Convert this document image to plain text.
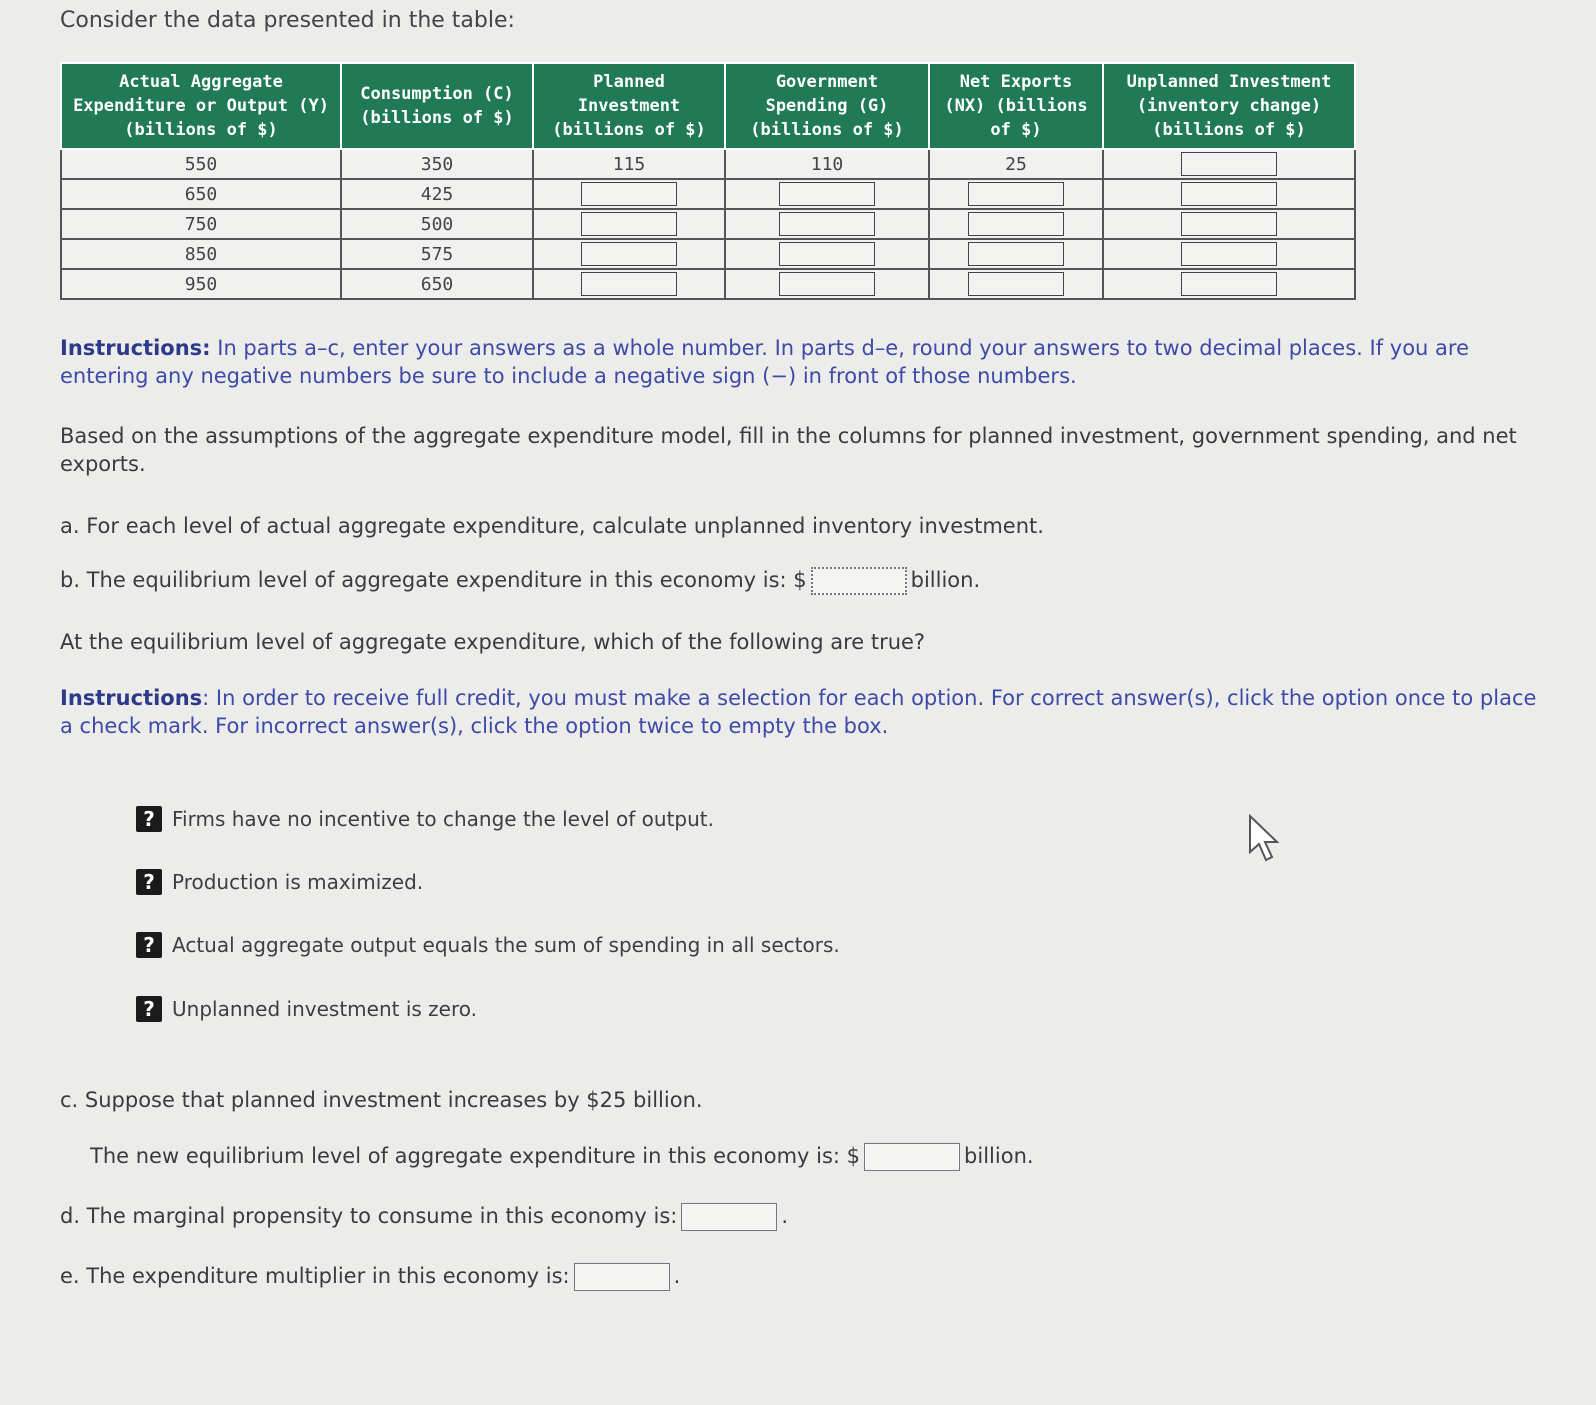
Consider the data presented in the table:
Actual Aggregate Expenditure or Output (Y) (billions of $)	Consumption (C) (billions of $)	Planned Investment (billions of $)	Government Spending (G) (billions of $)	Net Exports (NX) (billions of $)	Unplanned Investment (inventory change) (billions of $)
550	350	115	110	25	

650	425	

750	500	

850	575	

950	650	

Instructions: In parts a–c, enter your answers as a whole number. In parts d–e, round your answers to two decimal places. If you are entering any negative numbers be sure to include a negative sign (−) in front of those numbers.
Based on the assumptions of the aggregate expenditure model, fill in the columns for planned investment, government spending, and net exports.
a. For each level of actual aggregate expenditure, calculate unplanned inventory investment.
b. The equilibrium level of aggregate expenditure in this economy is: $	billion.
At the equilibrium level of aggregate expenditure, which of the following are true?
Instructions: In order to receive full credit, you must make a selection for each option. For correct answer(s), click the option once to place a check mark. For incorrect answer(s), click the option twice to empty the box.
? Firms have no incentive to change the level of output.
? Production is maximized.
? Actual aggregate output equals the sum of spending in all sectors.
? Unplanned investment is zero.
c. Suppose that planned investment increases by $25 billion.
The new equilibrium level of aggregate expenditure in this economy is: $	billion.
d. The marginal propensity to consume in this economy is:	.
e. The expenditure multiplier in this economy is:	.
